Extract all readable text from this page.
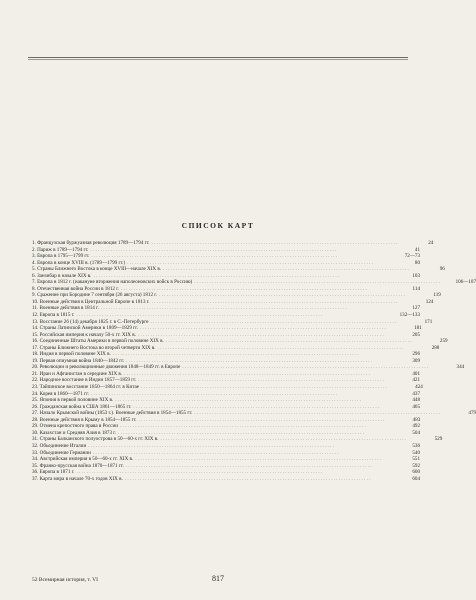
СПИСОК КАРТ
1. Французская буржуазная революция 1789—1794 гг. . . .	24
2. Париж в 1789—1794 гг. . . .	41
3. Европа в 1795—1799 гг. . . .	72—73
4. Европа в конце XVIII в. (1789—1799 гг.) . . .	80
5. Страны Ближнего Востока в конце XVIII—начале XIX в. . . .	96
6. Занзибар в начале XIX в. . . .	103
7. Европа в 1812 г. (накануне вторжения наполеоновских войск в Россию) . . .	106—107
8. Отечественная война России в 1812 г. . . .	114
9. Сражение при Бородине 7 сентября (26 августа) 1812 г. . . .	119
10. Военные действия в Центральной Европе в 1813 г. . . .	124
11. Военные действия в 1814 г. . . .	127
12. Европа в 1815 г. . . .	132—133
13. Восстание 26 (14) декабря 1825 г. в С.-Петербурге . . .	171
14. Страны Латинской Америки в 1809—1829 гг. . . .	181
15. Российская империя к началу 50-х гг. XIX в. . . .	205
16. Соединенные Штаты Америки в первой половине XIX в. . . .	259
17. Страны Ближнего Востока во второй четверти XIX в. . . .	288
18. Индия в первой половине XIX в. . . .	296
19. Первая опиумная война 1840—1842 гг. . . .	309
20. Революции и революционные движения 1848—1849 гг. в Европе . . .	344
21. Иран и Афганистан в середине XIX в. . . .	401
22. Народное восстание в Индии 1857—1859 гг. . . .	421
23. Тайпинское восстание 1850—1864 гг. в Китае . . .	424
24. Корея в 1860—1871 гг. . . .	437
25. Япония в первой половине XIX в. . . .	448
26. Гражданская война в США 1861—1865 гг. . . .	465
27. Начало Крымской войны (1853 г.). Военные действия в 1854—1855 гг. . . .	479
28. Военные действия в Крыму в 1854—1855 гг. . . .	483
29. Отмена крепостного права в России . . .	492
30. Казахстан и Средняя Азия в 1873 г. . . .	504
31. Страны Балканского полуострова в 50—60-х гг. XIX в. . . .	529
32. Объединение Италии . . .	536
33. Объединение Германии . . .	540
34. Австрийская империя в 50—60-х гг. XIX в. . . .	551
35. Франко-прусская война 1870—1871 гг. . . .	592
36. Европа в 1871 г. . . .	600
37. Карта мира в начале 70-х годов XIX в. . . .	604
52 Всемирная история, т. VI	817
